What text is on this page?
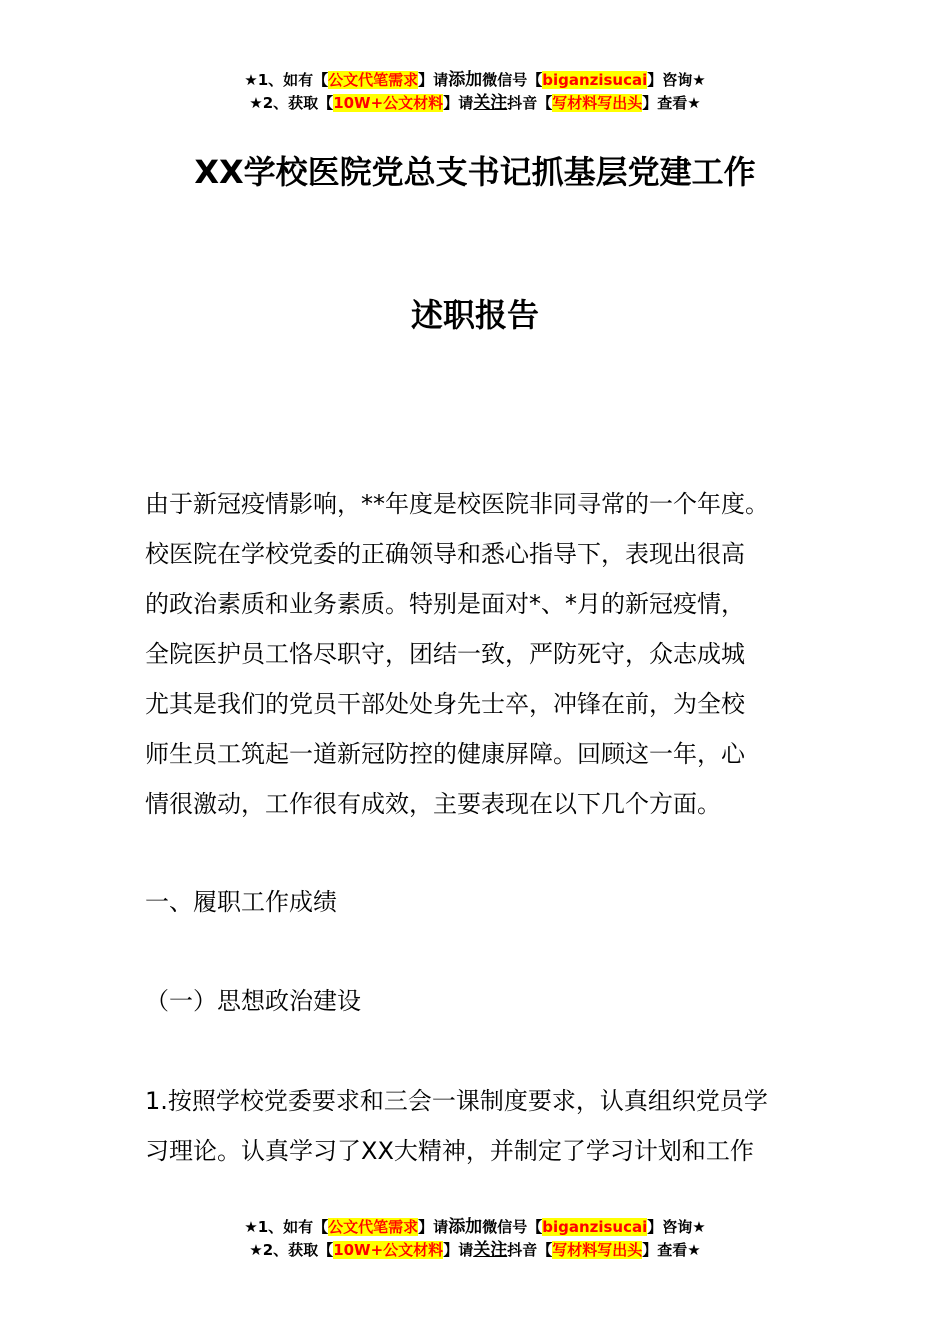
★1、如有【公文代笔需求】请添加微信号【biganzisucai】咨询★
★2、获取【10W+公文材料】请关注抖音【写材料写出头】查看★
XX学校医院党总支书记抓基层党建工作
述职报告
由于新冠疫情影响，**年度是校医院非同寻常的一个年度。
校医院在学校党委的正确领导和悉心指导下，表现出很高
的政治素质和业务素质。特别是面对*、*月的新冠疫情，
全院医护员工恪尽职守，团结一致，严防死守，众志成城
尤其是我们的党员干部处处身先士卒，冲锋在前，为全校
师生员工筑起一道新冠防控的健康屏障。回顾这一年，心
情很激动，工作很有成效，主要表现在以下几个方面。
一、履职工作成绩
（一）思想政治建设
1.按照学校党委要求和三会一课制度要求，认真组织党员学
习理论。认真学习了XX大精神，并制定了学习计划和工作
★1、如有【公文代笔需求】请添加微信号【biganzisucai】咨询★
★2、获取【10W+公文材料】请关注抖音【写材料写出头】查看★
